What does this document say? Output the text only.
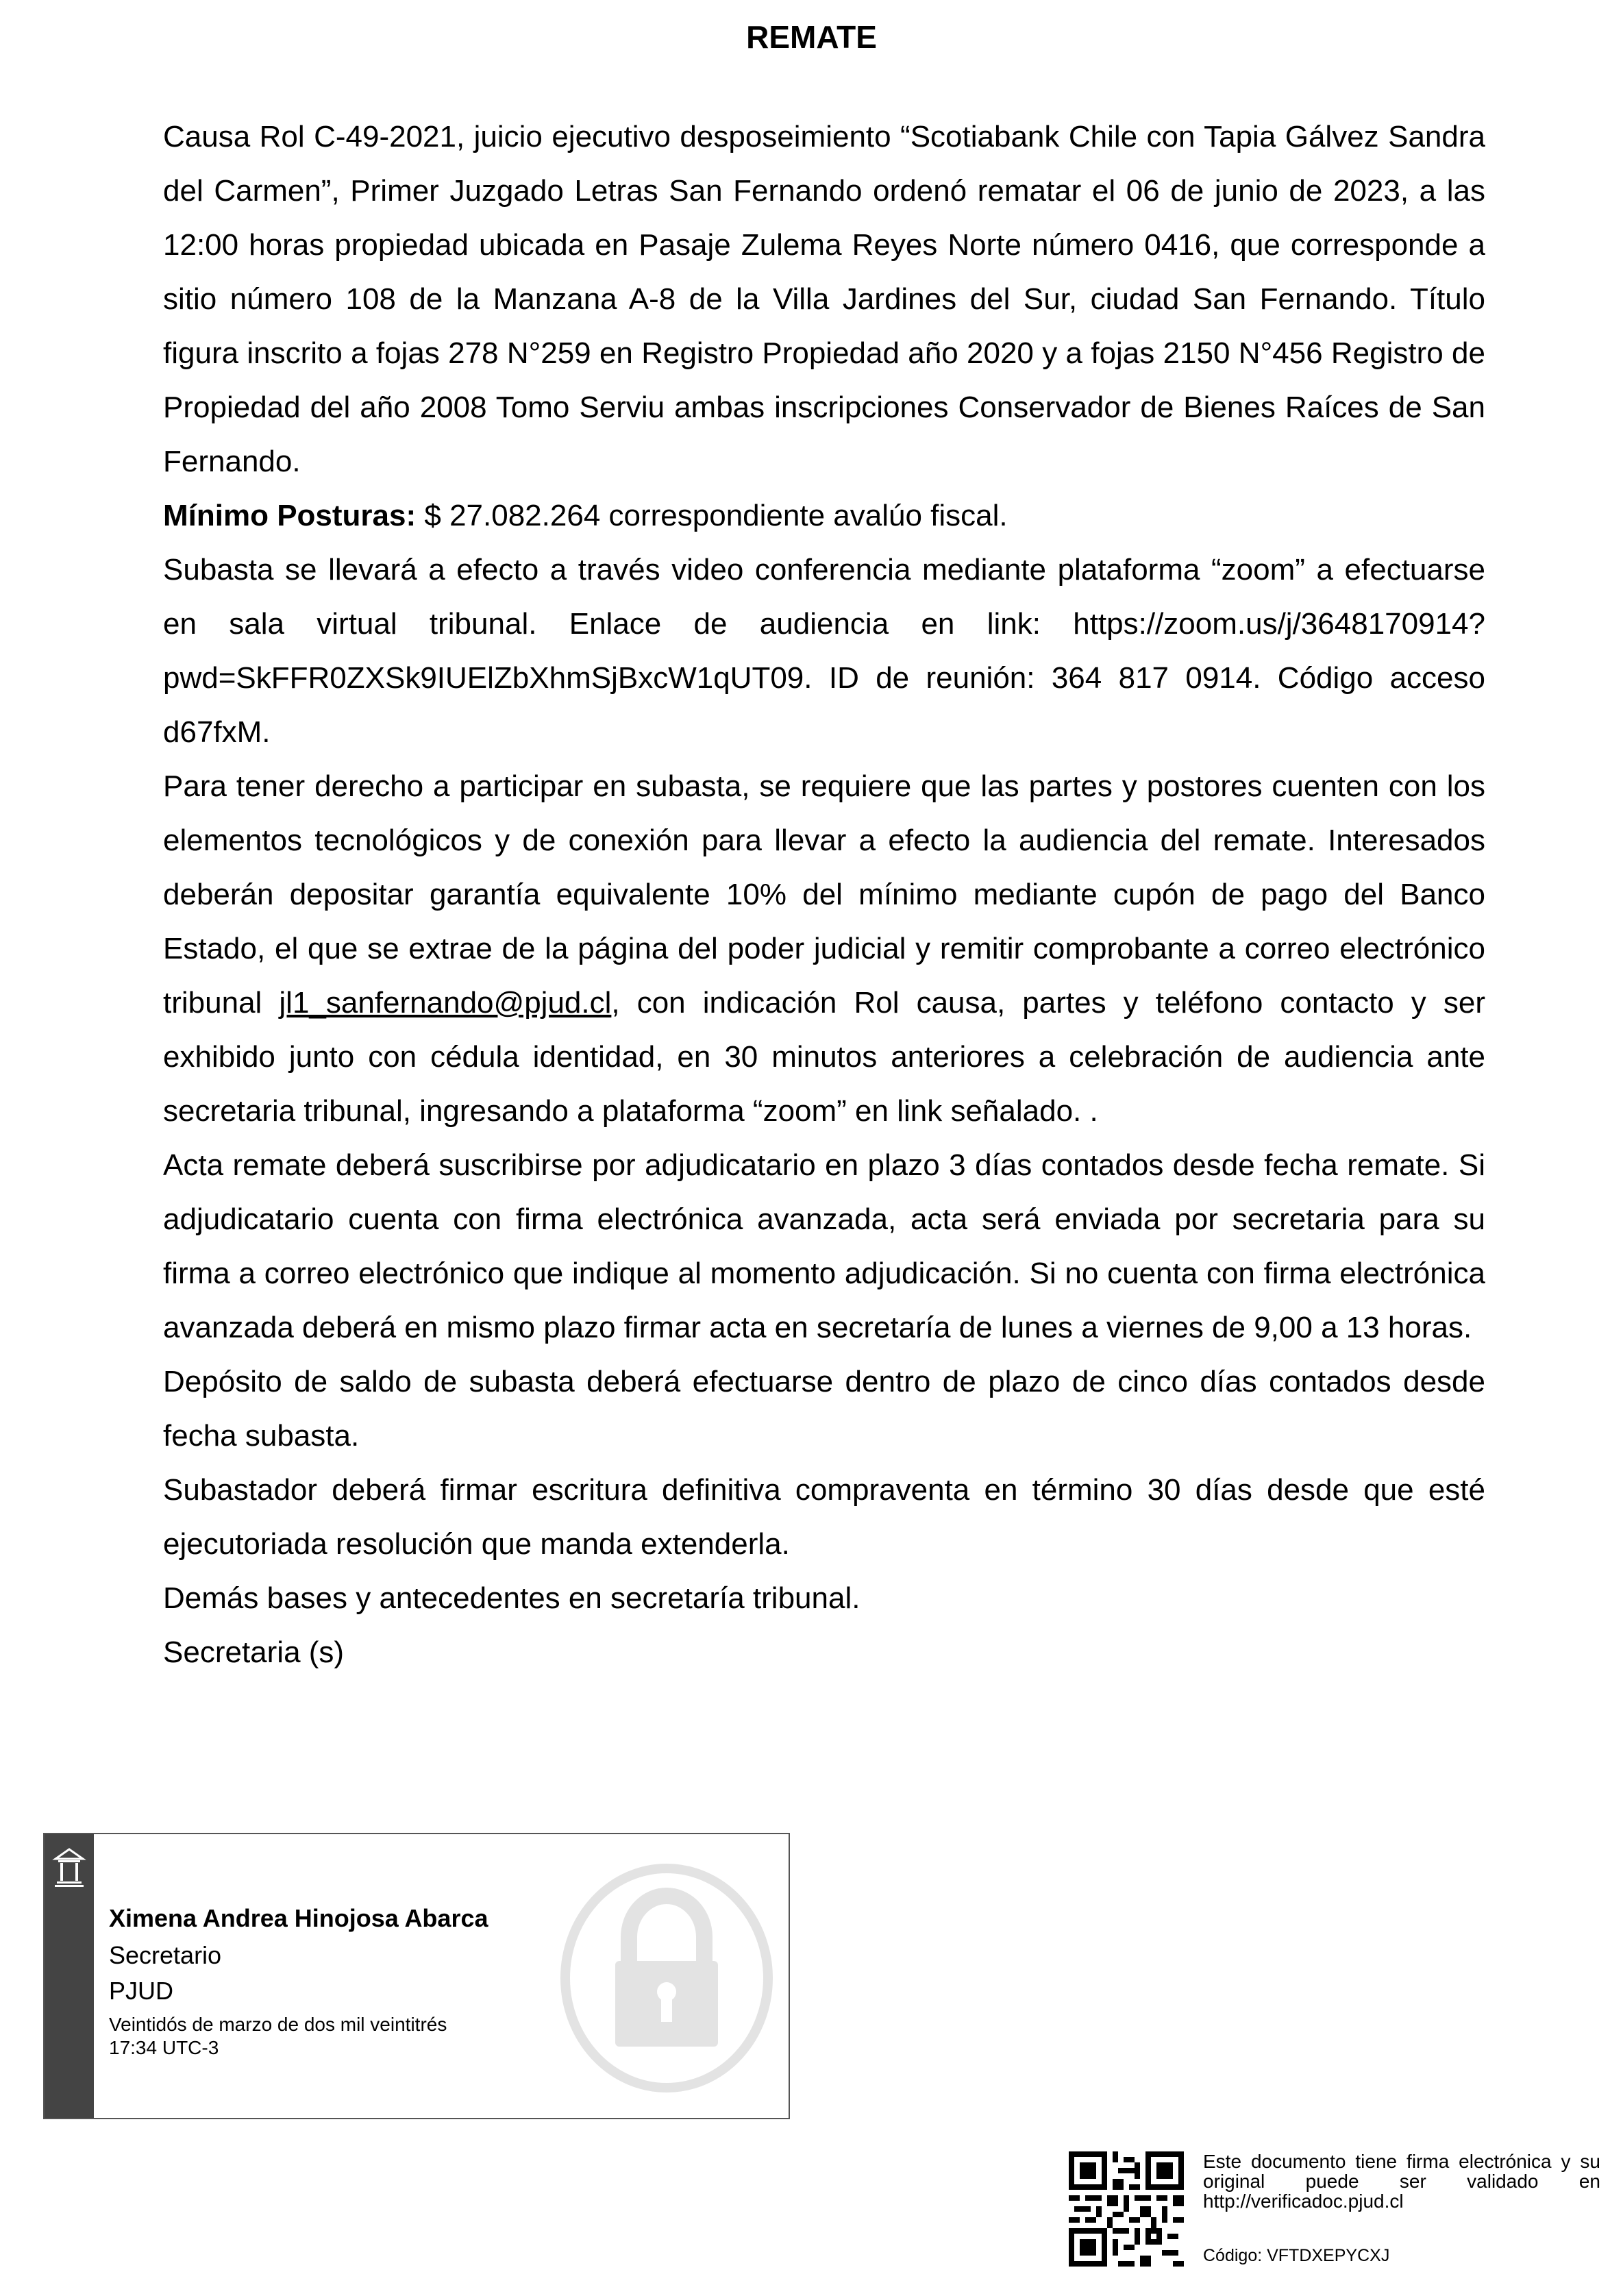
REMATE

Causa Rol C-49-2021, juicio ejecutivo desposeimiento “Scotiabank Chile con Tapia Gálvez Sandra del Carmen”, Primer Juzgado Letras San Fernando ordenó rematar el 06 de junio de 2023, a las 12:00 horas propiedad ubicada en Pasaje Zulema Reyes Norte número 0416, que corresponde a sitio número 108 de la Manzana A-8 de la Villa Jardines del Sur, ciudad San Fernando. Título figura inscrito a fojas 278 N°259 en Registro Propiedad año 2020 y a fojas 2150 N°456 Registro de Propiedad del año 2008 Tomo Serviu ambas inscripciones Conservador de Bienes Raíces de San Fernando.

Mínimo Posturas: $ 27.082.264 correspondiente avalúo fiscal.

Subasta se llevará a efecto a través video conferencia mediante plataforma “zoom” a efectuarse en sala virtual tribunal. Enlace de audiencia en link: https://zoom.us/j/3648170914?pwd=SkFFR0ZXSk9IUElZbXhmSjBxcW1qUT09. ID de reunión: 364 817 0914. Código acceso d67fxM.

Para tener derecho a participar en subasta, se requiere que las partes y postores cuenten con los elementos tecnológicos y de conexión para llevar a efecto la audiencia del remate. Interesados deberán depositar garantía equivalente 10% del mínimo mediante cupón de pago del Banco Estado, el que se extrae de la página del poder judicial y remitir comprobante a correo electrónico tribunal jl1_sanfernando@pjud.cl, con indicación Rol causa, partes y teléfono contacto y ser exhibido junto con cédula identidad, en 30 minutos anteriores a celebración de audiencia ante secretaria tribunal, ingresando a plataforma “zoom” en link señalado. .

Acta remate deberá suscribirse por adjudicatario en plazo 3 días contados desde fecha remate. Si adjudicatario cuenta con firma electrónica avanzada, acta será enviada por secretaria para su firma a correo electrónico que indique al momento adjudicación. Si no cuenta con firma electrónica avanzada deberá en mismo plazo firmar acta en secretaría de lunes a viernes de 9,00 a 13 horas.

Depósito de saldo de subasta deberá efectuarse dentro de plazo de cinco días contados desde fecha subasta.

Subastador deberá firmar escritura definitiva compraventa en término 30 días desde que esté ejecutoriada resolución que manda extenderla.

Demás bases y antecedentes en secretaría tribunal.

Secretaria (s)

Ximena Andrea Hinojosa Abarca
Secretario
PJUD
Veintidós de marzo de dos mil veintitrés
17:34 UTC-3
Este documento tiene firma electrónica y su original puede ser validado en http://verificadoc.pjud.cl
Código: VFTDXEPYCXJ
